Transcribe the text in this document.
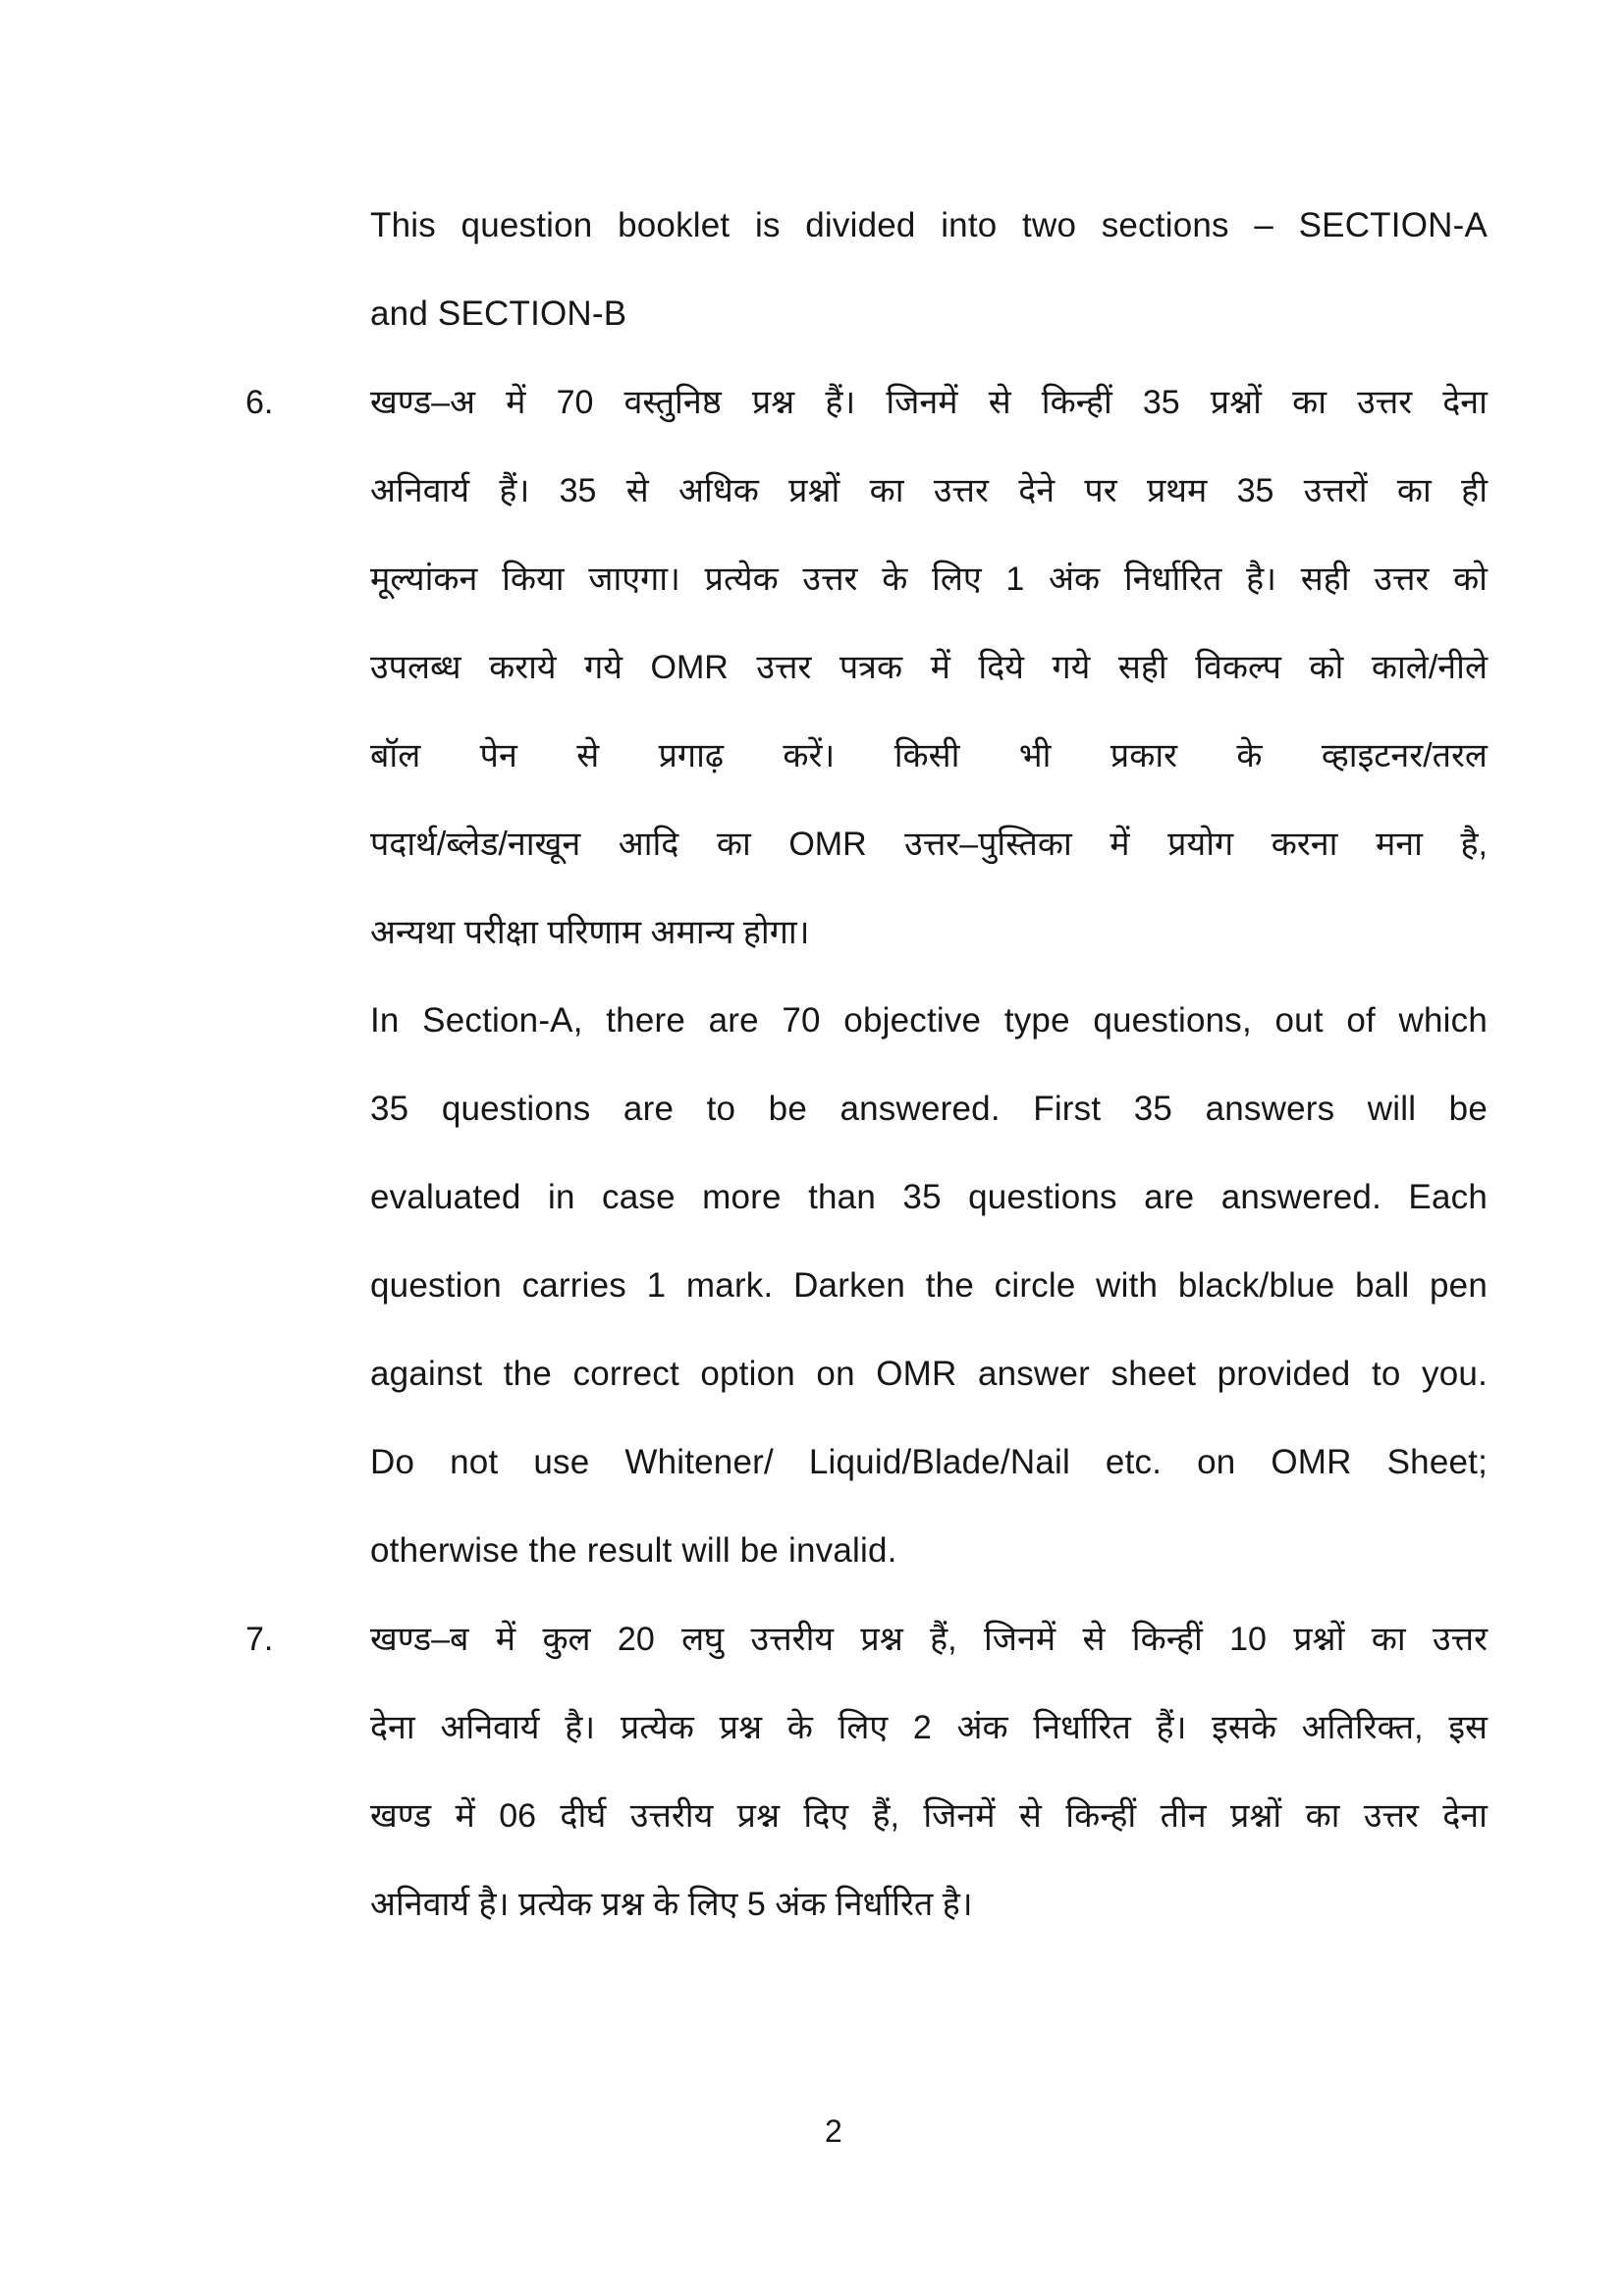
This question booklet is divided into two sections – SECTION-A
and SECTION-B
6.	खण्ड–अ में 70 वस्तुनिष्ठ प्रश्न हैं। जिनमें से किन्हीं 35 प्रश्नों का उत्तर देना
अनिवार्य हैं। 35 से अधिक प्रश्नों का उत्तर देने पर प्रथम 35 उत्तरों का ही
मूल्यांकन किया जाएगा। प्रत्येक उत्तर के लिए 1 अंक निर्धारित है। सही उत्तर को
उपलब्ध कराये गये OMR उत्तर पत्रक में दिये गये सही विकल्प को काले/नीले
बॉल पेन से प्रगाढ़ करें। किसी भी प्रकार के व्हाइटनर/तरल
पदार्थ/ब्लेड/नाखून आदि का OMR उत्तर–पुस्तिका में प्रयोग करना मना है,
अन्यथा परीक्षा परिणाम अमान्य होगा।
In Section-A, there are 70 objective type questions, out of which
35 questions are to be answered. First 35 answers will be
evaluated in case more than 35 questions are answered. Each
question carries 1 mark. Darken the circle with black/blue ball pen
against the correct option on OMR answer sheet provided to you.
Do not use Whitener/ Liquid/Blade/Nail etc. on OMR Sheet;
otherwise the result will be invalid.
7.	खण्ड–ब में कुल 20 लघु उत्तरीय प्रश्न हैं, जिनमें से किन्हीं 10 प्रश्नों का उत्तर
देना अनिवार्य है। प्रत्येक प्रश्न के लिए 2 अंक निर्धारित हैं। इसके अतिरिक्त, इस
खण्ड में 06 दीर्घ उत्तरीय प्रश्न दिए हैं, जिनमें से किन्हीं तीन प्रश्नों का उत्तर देना
अनिवार्य है। प्रत्येक प्रश्न के लिए 5 अंक निर्धारित है।
2
